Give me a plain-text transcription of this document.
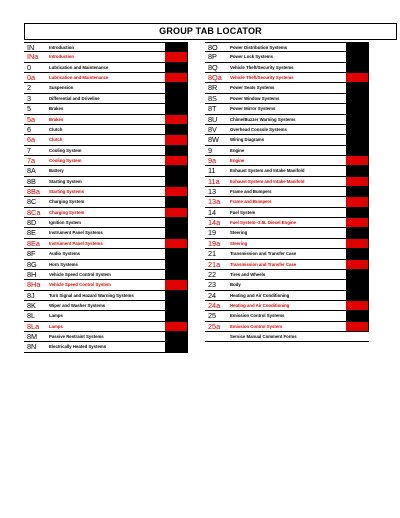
GROUP TAB LOCATOR
IN	Introduction
INa	Introduction
0	Lubrication and Maintenance
0a	Lubrication and Maintenance
2	Suspension
3	Differential and Driveline
5	Brakes
5a	Brakes
6	Clutch
6a	Clutch
7	Cooling System
7a	Cooling System
8A	Battery
8B	Starting System
8Ba	Starting Systems
8C	Charging System
8Ca	Charging System
8D	Ignition System
8E	Instrument Panel Systems
8Ea	Instrument Panel Systems
8F	Audio Systems
8G	Horn Systems
8H	Vehicle Speed Control System
8Ha	Vehicle Speed Control System
8J	Turn Signal and Hazard Warning Systems
8K	Wiper and Washer Systems
8L	Lamps
8La	Lamps
8M	Passive Restraint Systems
8N	Electrically Heated Systems
8O	Power Distribution Systems
8P	Power Lock Systems
8Q	Vehicle Theft/Security Systems
8Qa	Vehicle Theft/Security Systems
8R	Power Seats Systems
8S	Power Window Systems
8T	Power Mirror Systems
8U	Chime/Buzzer Warning Systems
8V	Overhead Console Systems
8W	Wiring Diagrams
9	Engine
9a	Engine
11	Exhaust System and Intake Manifold
11a	Exhaust System and Intake Manifold
13	Frame and Bumpers
13a	Frame and Bumpers
14	Fuel System
14a	Fuel System--2.5L Diesel Engine
19	Steering
19a	Steering
21	Transmission and Transfer Case
21a	Transmission and Transfer Case
22	Tires and Wheels
23	Body
24	Heating and Air Conditioning
24a	Heating and Air Conditioning
25	Emission Control Systems
25a	Emission Control System
Service Manual Comment Forms
